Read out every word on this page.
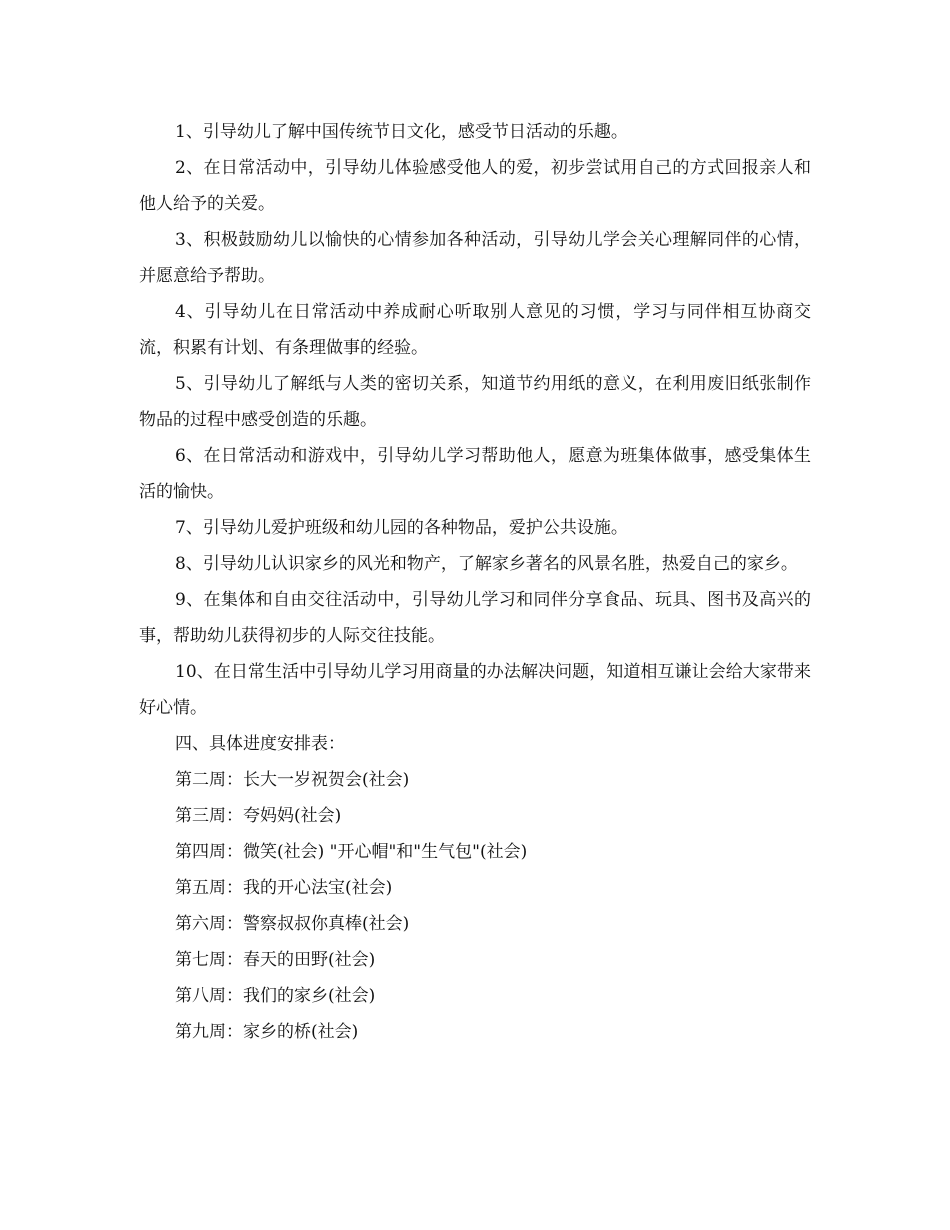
1、引导幼儿了解中国传统节日文化，感受节日活动的乐趣。

2、在日常活动中，引导幼儿体验感受他人的爱，初步尝试用自己的方式回报亲人和他人给予的关爱。

3、积极鼓励幼儿以愉快的心情参加各种活动，引导幼儿学会关心理解同伴的心情，并愿意给予帮助。

4、引导幼儿在日常活动中养成耐心听取别人意见的习惯，学习与同伴相互协商交流，积累有计划、有条理做事的经验。

5、引导幼儿了解纸与人类的密切关系，知道节约用纸的意义，在利用废旧纸张制作物品的过程中感受创造的乐趣。

6、在日常活动和游戏中，引导幼儿学习帮助他人，愿意为班集体做事，感受集体生活的愉快。

7、引导幼儿爱护班级和幼儿园的各种物品，爱护公共设施。

8、引导幼儿认识家乡的风光和物产，了解家乡著名的风景名胜，热爱自己的家乡。

9、在集体和自由交往活动中，引导幼儿学习和同伴分享食品、玩具、图书及高兴的事，帮助幼儿获得初步的人际交往技能。

10、在日常生活中引导幼儿学习用商量的办法解决问题，知道相互谦让会给大家带来好心情。

四、具体进度安排表：

第二周：长大一岁祝贺会(社会)

第三周：夸妈妈(社会)

第四周：微笑(社会) "开心帽"和"生气包"(社会)

第五周：我的开心法宝(社会)

第六周：警察叔叔你真棒(社会)

第七周：春天的田野(社会)

第八周：我们的家乡(社会)

第九周：家乡的桥(社会)
